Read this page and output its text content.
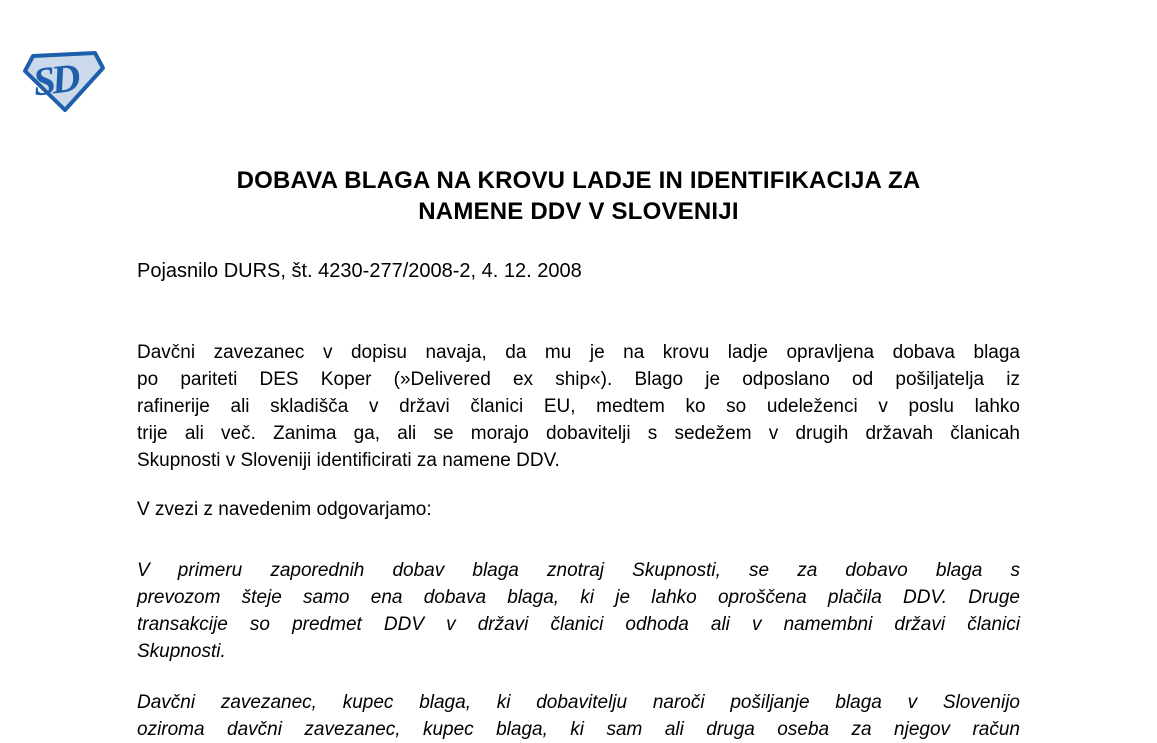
SD
DOBAVA BLAGA NA KROVU LADJE IN IDENTIFIKACIJA ZA
NAMENE DDV V SLOVENIJI
Pojasnilo DURS, št. 4230-277/2008-2, 4. 12. 2008
Davčni zavezanec v dopisu navaja, da mu je na krovu ladje opravljena dobava blaga
po pariteti DES Koper (»Delivered ex ship«). Blago je odposlano od pošiljatelja iz
rafinerije ali skladišča v državi članici EU, medtem ko so udeleženci v poslu lahko
trije ali več. Zanima ga, ali se morajo dobavitelji s sedežem v drugih državah članicah
Skupnosti v Sloveniji identificirati za namene DDV.
V zvezi z navedenim odgovarjamo:
V primeru zaporednih dobav blaga znotraj Skupnosti, se za dobavo blaga s
prevozom šteje samo ena dobava blaga, ki je lahko oproščena plačila DDV. Druge
transakcije so predmet DDV v državi članici odhoda ali v namembni državi članici
Skupnosti.
Davčni zavezanec, kupec blaga, ki dobavitelju naroči pošiljanje blaga v Slovenijo
oziroma davčni zavezanec, kupec blaga, ki sam ali druga oseba za njegov račun
